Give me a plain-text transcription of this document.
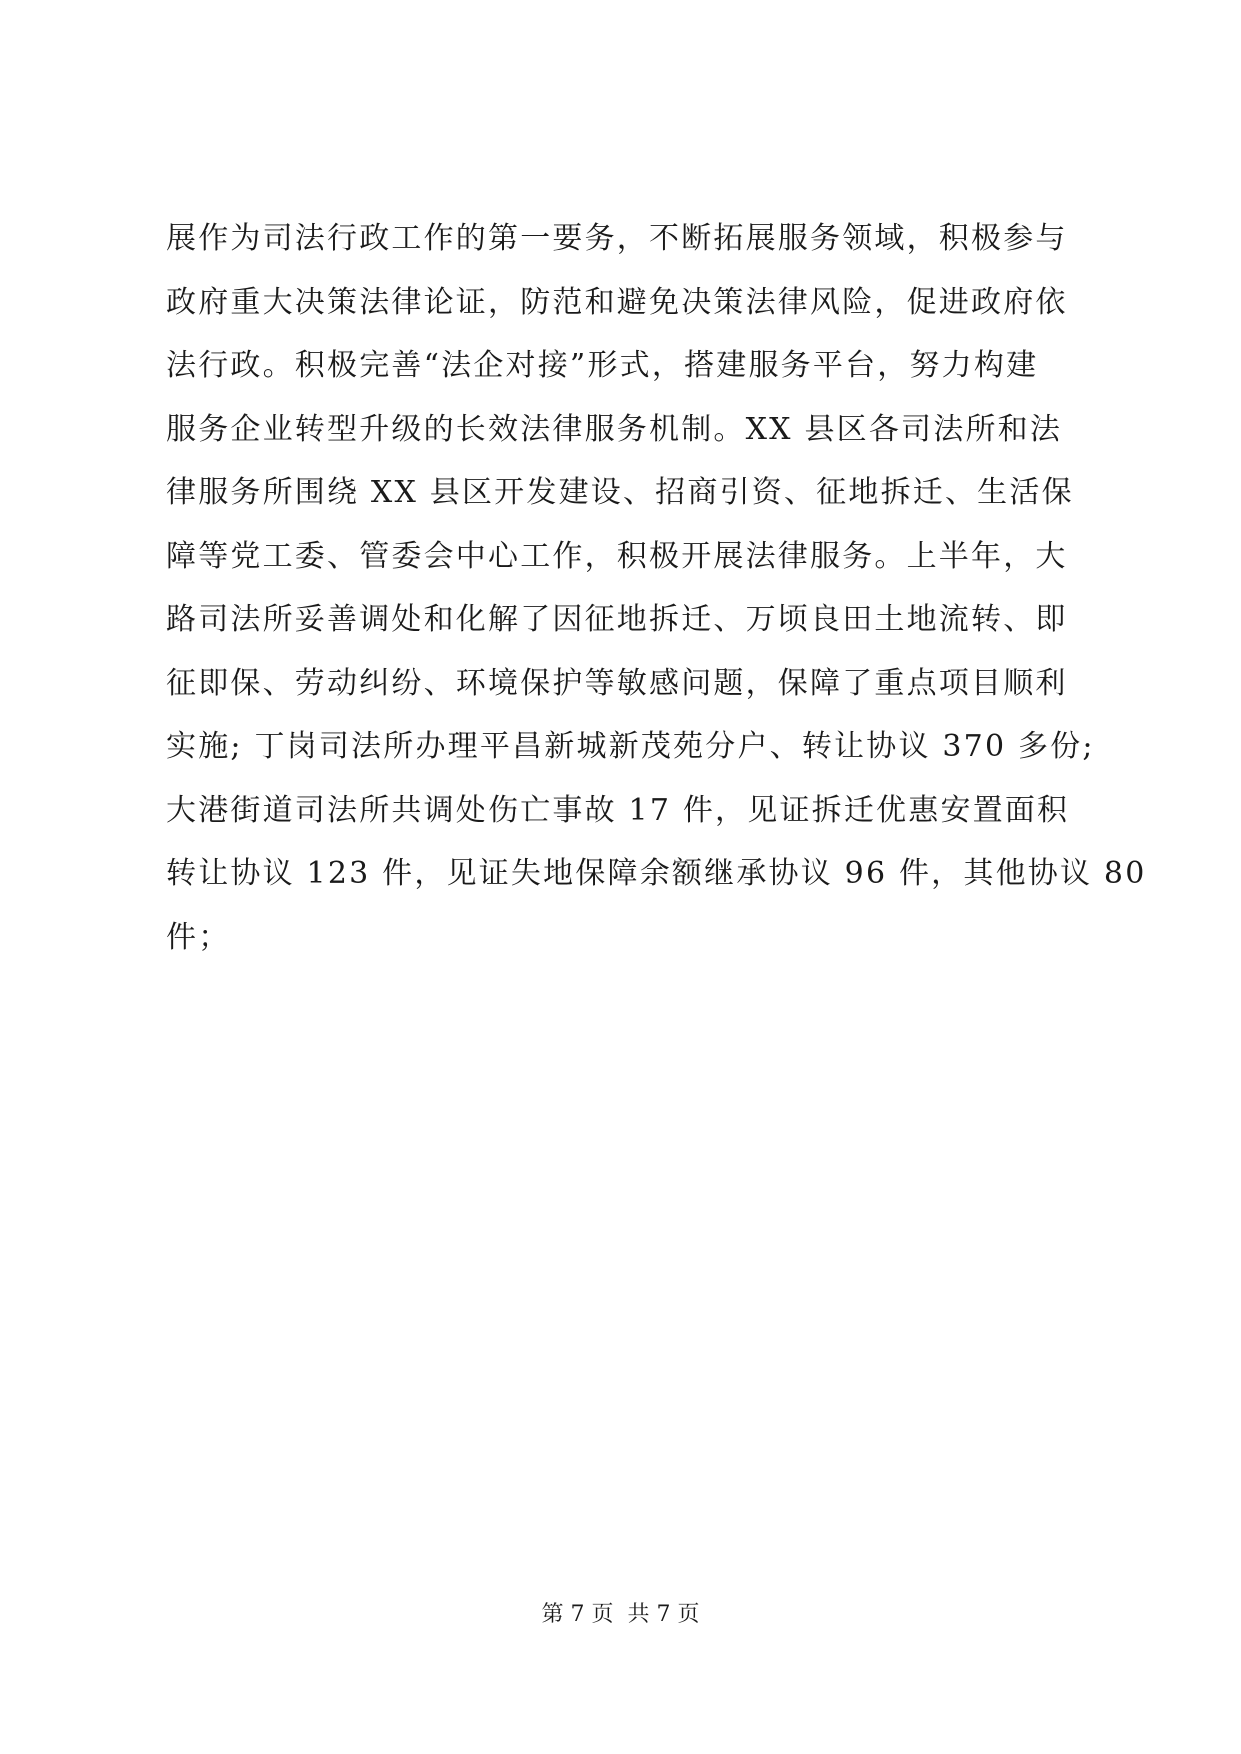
展作为司法行政工作的第一要务，不断拓展服务领域，积极参与
政府重大决策法律论证，防范和避免决策法律风险，促进政府依
法行政。积极完善“法企对接”形式，搭建服务平台，努力构建
服务企业转型升级的长效法律服务机制。XX 县区各司法所和法
律服务所围绕 XX 县区开发建设、招商引资、征地拆迁、生活保
障等党工委、管委会中心工作，积极开展法律服务。上半年，大
路司法所妥善调处和化解了因征地拆迁、万顷良田土地流转、即
征即保、劳动纠纷、环境保护等敏感问题，保障了重点项目顺利
实施; 丁岗司法所办理平昌新城新茂苑分户、转让协议 370 多份;
大港街道司法所共调处伤亡事故 17 件，见证拆迁优惠安置面积
转让协议 123 件，见证失地保障余额继承协议 96 件，其他协议 80
件；
第 7 页  共 7 页
